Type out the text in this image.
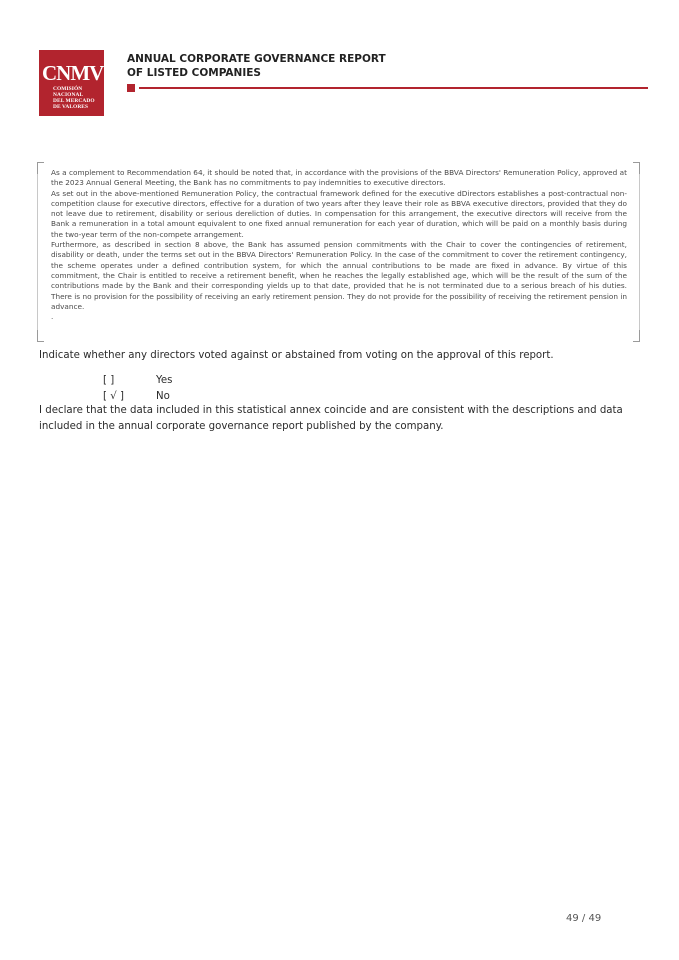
CNMV
COMISIÓN
NACIONAL
DEL MERCADO
DE VALORES
ANNUAL CORPORATE GOVERNANCE REPORT
OF LISTED COMPANIES

As a complement to Recommendation 64, it should be noted that, in accordance with the provisions of the BBVA Directors' Remuneration Policy, approved at the 2023 Annual General Meeting, the Bank has no commitments to pay indemnities to executive directors.

As set out in the above-mentioned Remuneration Policy, the contractual framework defined for the executive dDirectors establishes a post-contractual non-competition clause for executive directors, effective for a duration of two years after they leave their role as BBVA executive directors, provided that they do not leave due to retirement, disability or serious dereliction of duties. In compensation for this arrangement, the executive directors will receive from the Bank a remuneration in a total amount equivalent to one fixed annual remuneration for each year of duration, which will be paid on a monthly basis during the two-year term of the non-compete arrangement.

Furthermore, as described in section 8 above, the Bank has assumed pension commitments with the Chair to cover the contingencies of retirement, disability or death, under the terms set out in the BBVA Directors' Remuneration Policy. In the case of the commitment to cover the retirement contingency, the scheme operates under a defined contribution system, for which the annual contributions to be made are fixed in advance. By virtue of this commitment, the Chair is entitled to receive a retirement benefit, when he reaches the legally established age, which will be the result of the sum of the contributions made by the Bank and their corresponding yields up to that date, provided that he is not terminated due to a serious breach of his duties. There is no provision for the possibility of receiving an early retirement pension. They do not provide for the possibility of receiving the retirement pension in advance.

.

Indicate whether any directors voted against or abstained from voting on the approval of this report.
[ ]	Yes
[ √ ]	No
I declare that the data included in this statistical annex coincide and are consistent with the descriptions and data included in the annual corporate governance report published by the company.
49 / 49
